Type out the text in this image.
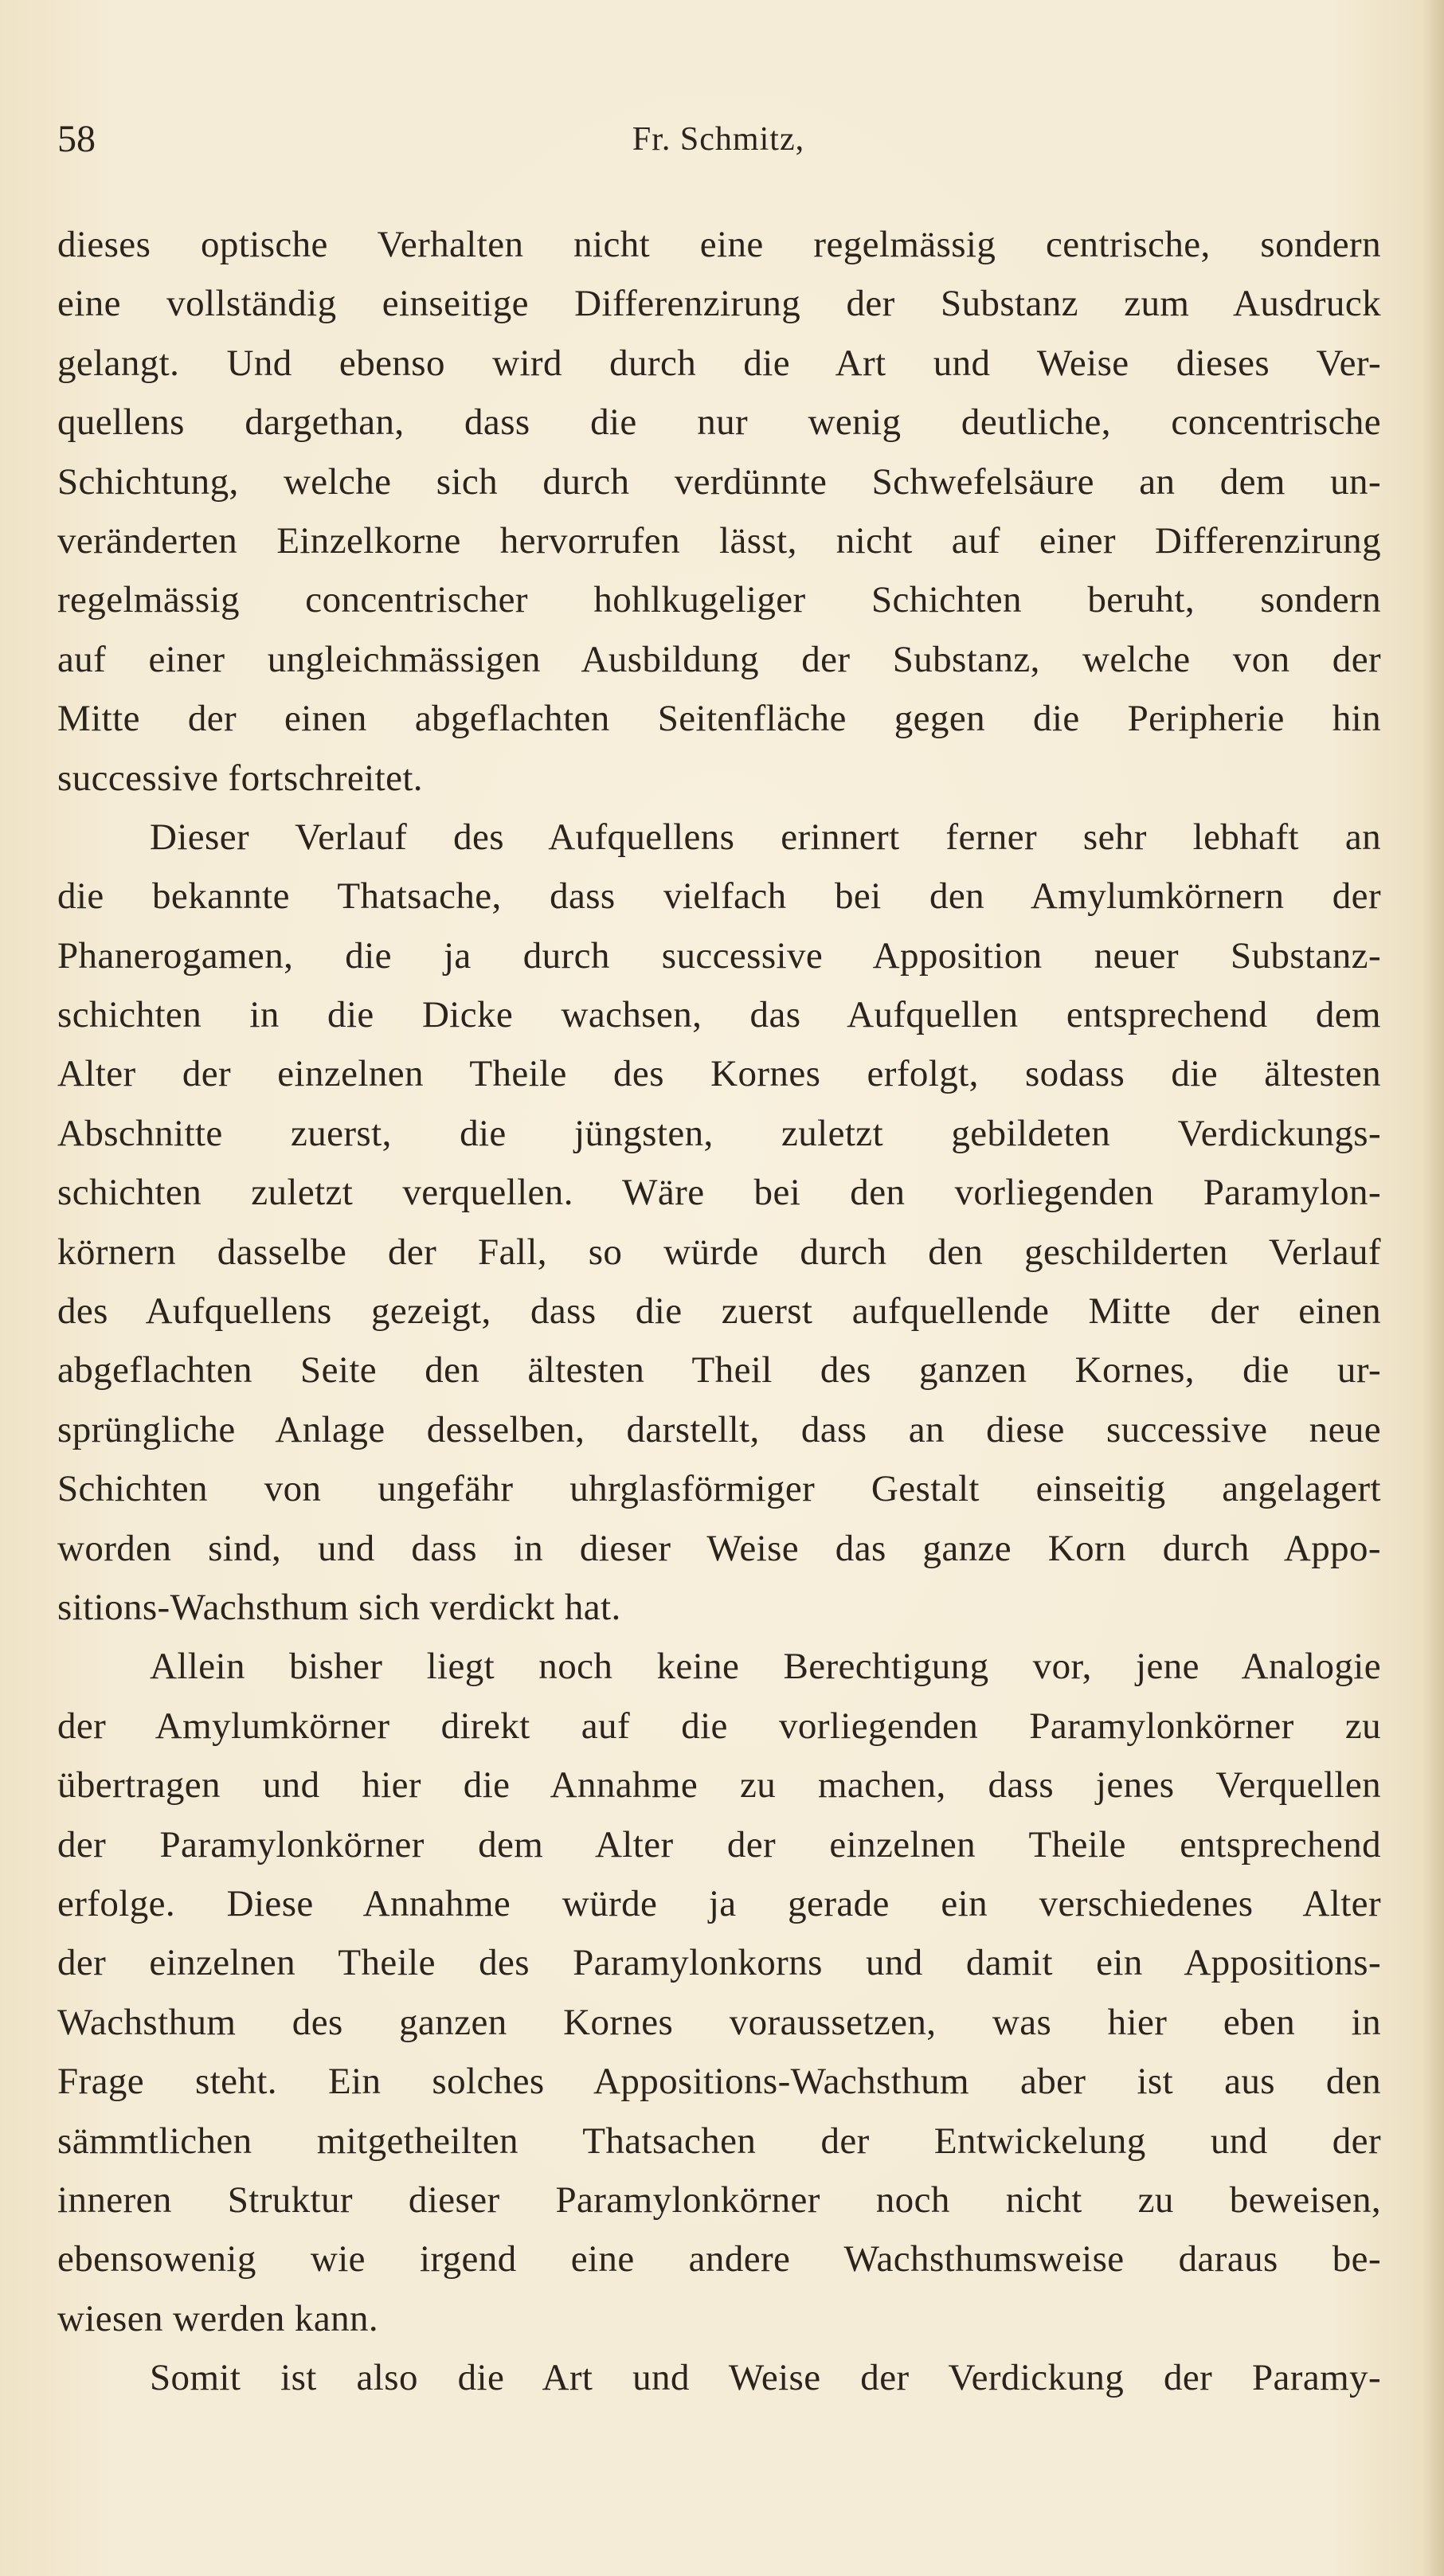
58	Fr. Schmitz,
dieses optische Verhalten nicht eine regelmässig centrische, sondern
eine vollständig einseitige Differenzirung der Substanz zum Ausdruck
gelangt. Und ebenso wird durch die Art und Weise dieses Ver-
quellens dargethan, dass die nur wenig deutliche, concentrische
Schichtung, welche sich durch verdünnte Schwefelsäure an dem un-
veränderten Einzelkorne hervorrufen lässt, nicht auf einer Differenzirung
regelmässig concentrischer hohlkugeliger Schichten beruht, sondern
auf einer ungleichmässigen Ausbildung der Substanz, welche von der
Mitte der einen abgeflachten Seitenfläche gegen die Peripherie hin
successive fortschreitet.
Dieser Verlauf des Aufquellens erinnert ferner sehr lebhaft an
die bekannte Thatsache, dass vielfach bei den Amylumkörnern der
Phanerogamen, die ja durch successive Apposition neuer Substanz-
schichten in die Dicke wachsen, das Aufquellen entsprechend dem
Alter der einzelnen Theile des Kornes erfolgt, sodass die ältesten
Abschnitte zuerst, die jüngsten, zuletzt gebildeten Verdickungs-
schichten zuletzt verquellen. Wäre bei den vorliegenden Paramylon-
körnern dasselbe der Fall, so würde durch den geschilderten Verlauf
des Aufquellens gezeigt, dass die zuerst aufquellende Mitte der einen
abgeflachten Seite den ältesten Theil des ganzen Kornes, die ur-
sprüngliche Anlage desselben, darstellt, dass an diese successive neue
Schichten von ungefähr uhrglasförmiger Gestalt einseitig angelagert
worden sind, und dass in dieser Weise das ganze Korn durch Appo-
sitions-Wachsthum sich verdickt hat.
Allein bisher liegt noch keine Berechtigung vor, jene Analogie
der Amylumkörner direkt auf die vorliegenden Paramylonkörner zu
übertragen und hier die Annahme zu machen, dass jenes Verquellen
der Paramylonkörner dem Alter der einzelnen Theile entsprechend
erfolge. Diese Annahme würde ja gerade ein verschiedenes Alter
der einzelnen Theile des Paramylonkorns und damit ein Appositions-
Wachsthum des ganzen Kornes voraussetzen, was hier eben in
Frage steht. Ein solches Appositions-Wachsthum aber ist aus den
sämmtlichen mitgetheilten Thatsachen der Entwickelung und der
inneren Struktur dieser Paramylonkörner noch nicht zu beweisen,
ebensowenig wie irgend eine andere Wachsthumsweise daraus be-
wiesen werden kann.
Somit ist also die Art und Weise der Verdickung der Paramy-
